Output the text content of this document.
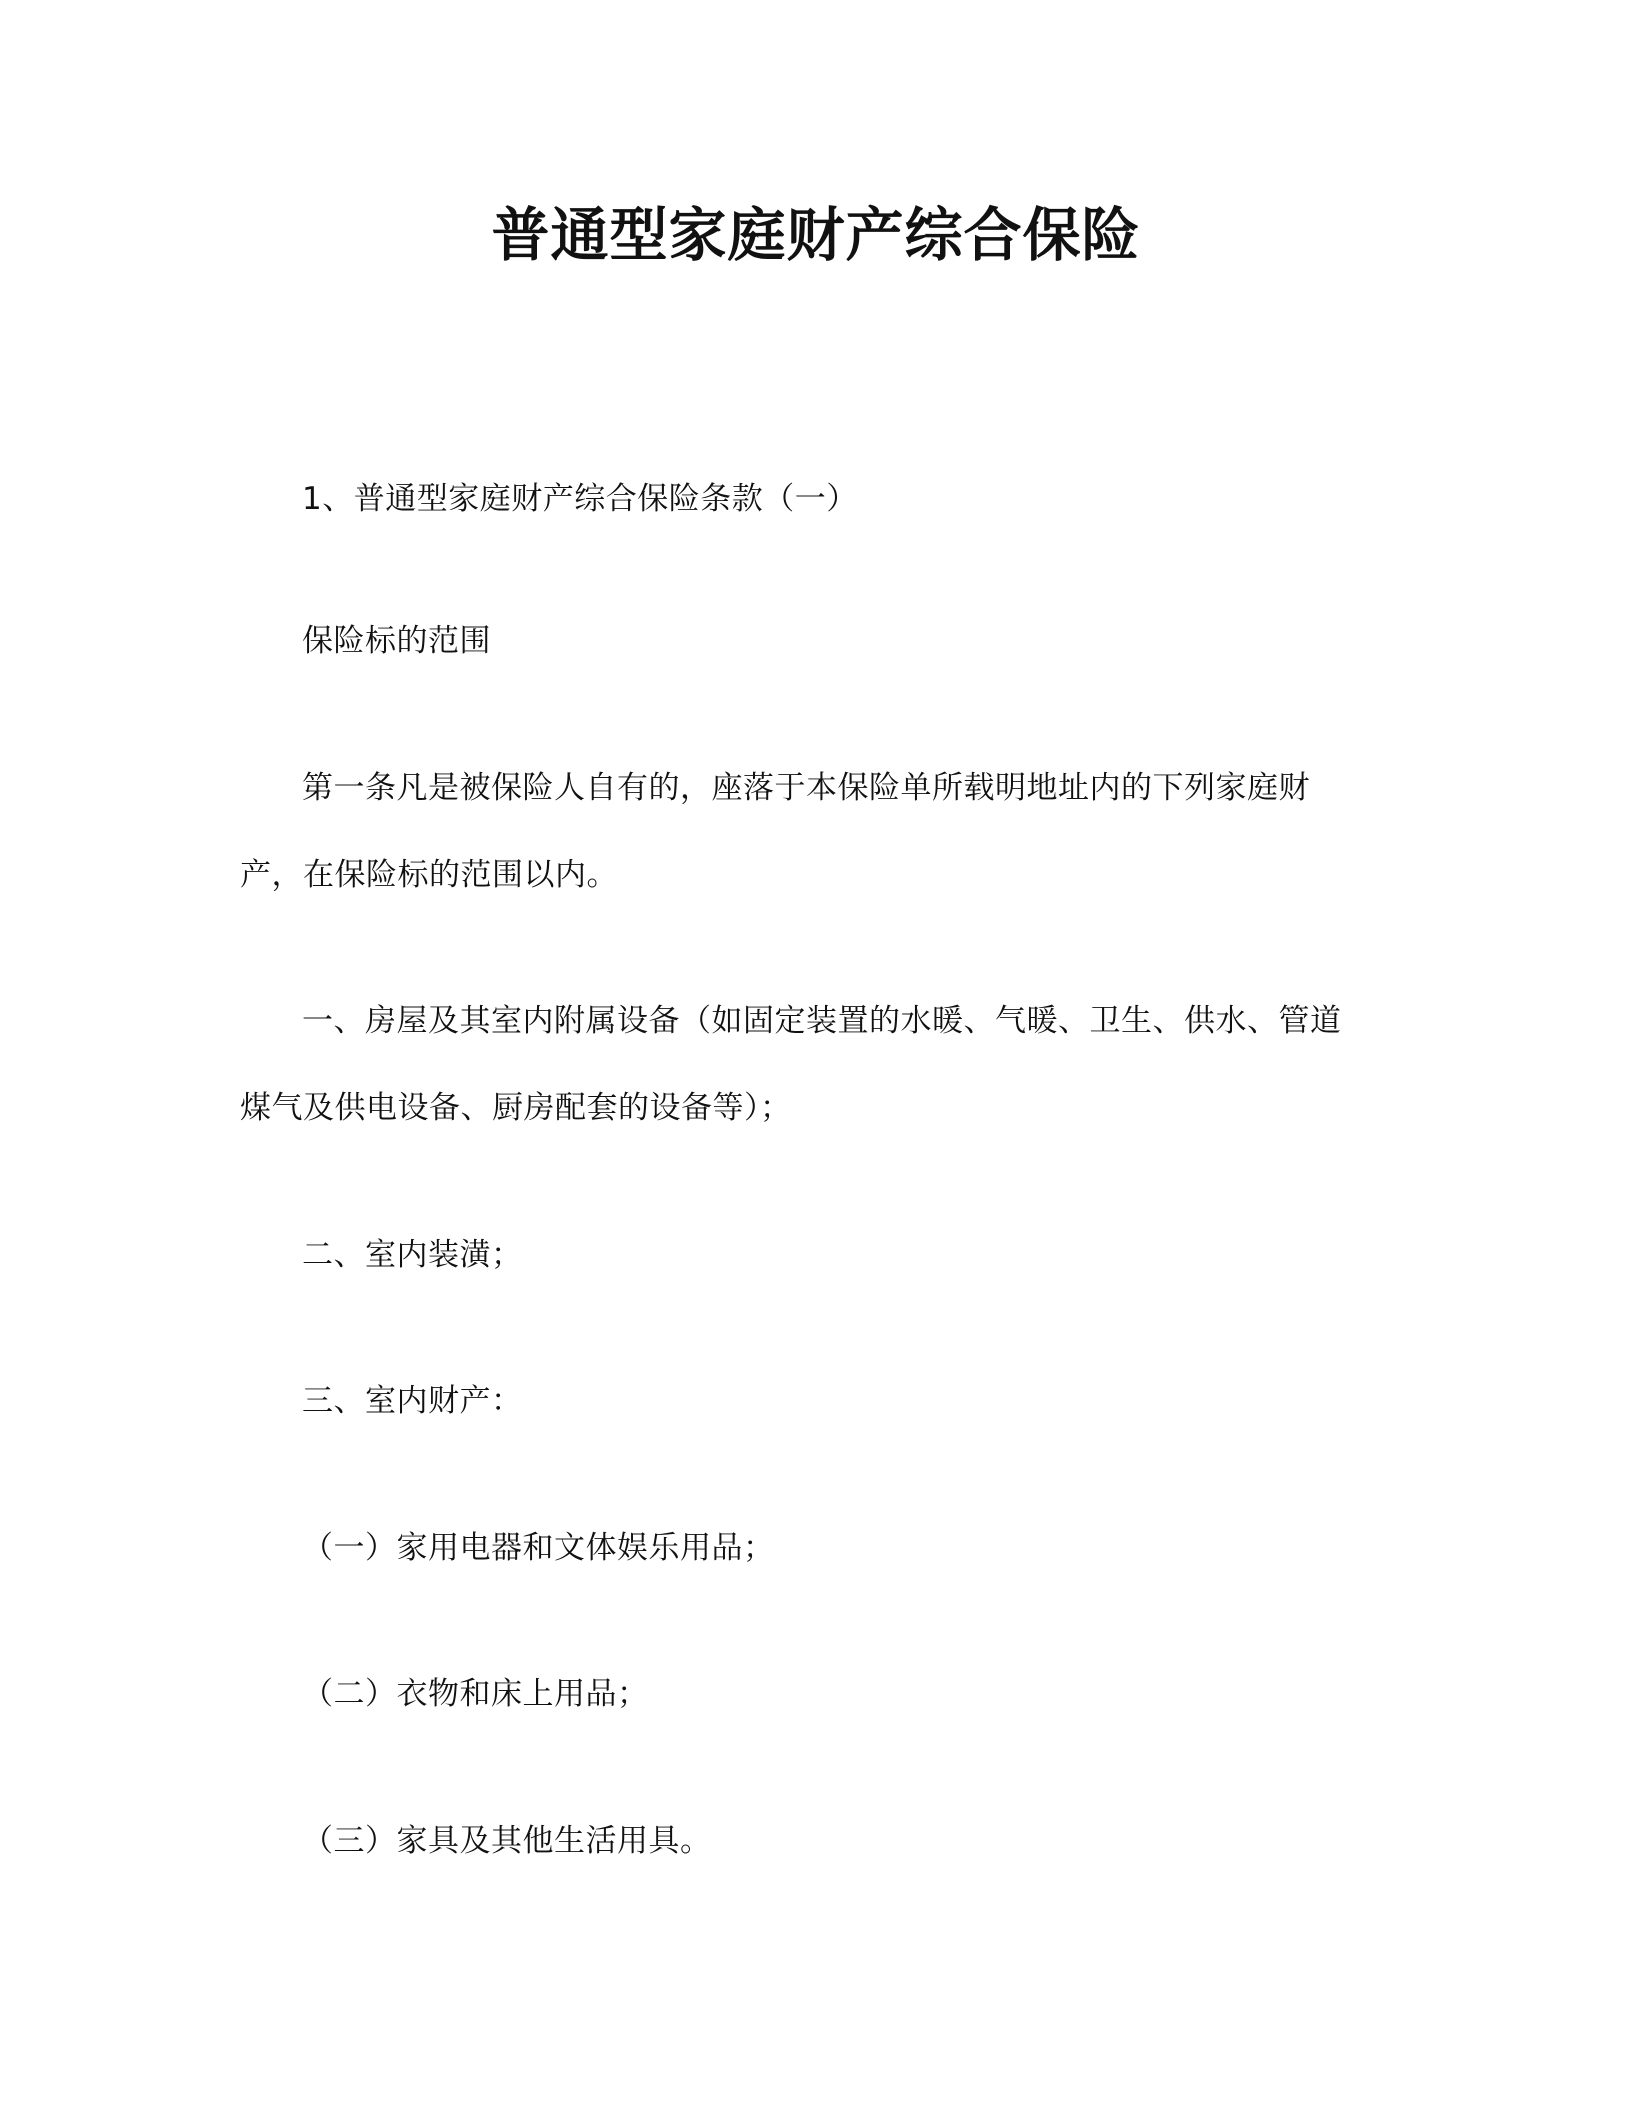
普通型家庭财产综合保险
1、普通型家庭财产综合保险条款（一）
保险标的范围
第一条凡是被保险人自有的，座落于本保险单所载明地址内的下列家庭财
产，在保险标的范围以内。
一、房屋及其室内附属设备（如固定装置的水暖、气暖、卫生、供水、管道
煤气及供电设备、厨房配套的设备等）；
二、室内装潢；
三、室内财产：
（一）家用电器和文体娱乐用品；
（二）衣物和床上用品；
（三）家具及其他生活用具。
